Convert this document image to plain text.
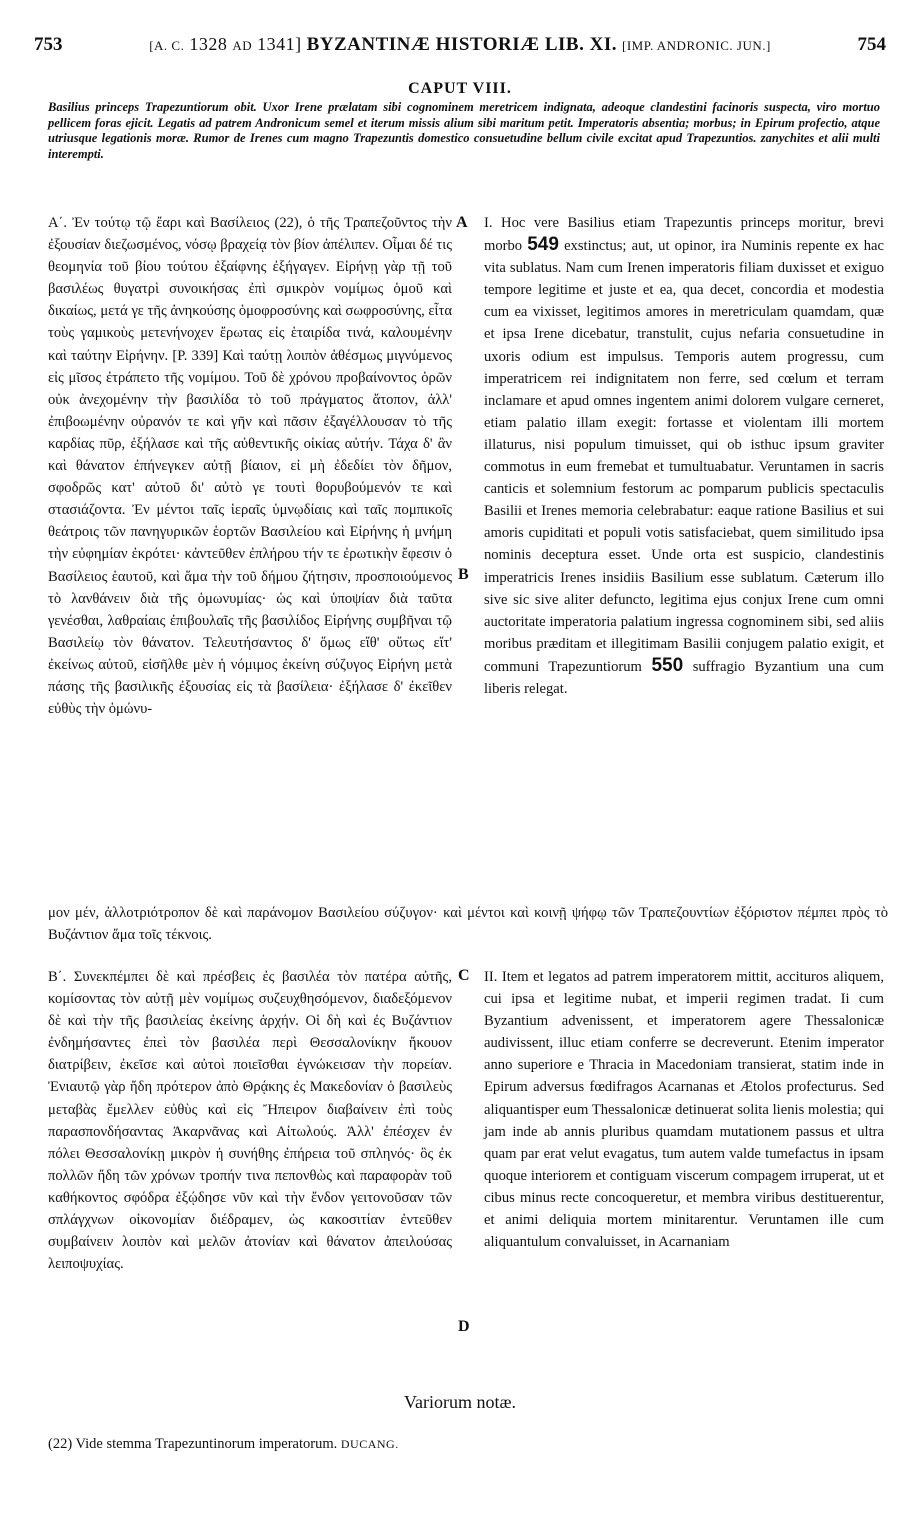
753	[A. C. 1328 AD 1341] BYZANTINÆ HISTORIÆ LIB. XI. [IMP. ANDRONIC. JUN.]	754
CAPUT VIII.
Basilius princeps Trapezuntiorum obit. Uxor Irene prælatam sibi cognominem meretricem indignata, adeoque clandestini facinoris suspecta, viro mortuo pellicem foras ejicit. Legatis ad patrem Andronicum semel et iterum missis alium sibi maritum petit. Imperatoris absentia; morbus; in Epirum profectio, atque utriusque legationis moræ. Rumor de Irenes cum magno Trapezuntis domestico consuetudine bellum civile excitat apud Trapezuntios. zanychites et alii multi interempti.
Α΄. Ἐν τούτῳ τῷ ἔαρι καὶ Βασίλειος (22), ὁ τῆς Τραπεζοῦντος τὴν ἐξουσίαν διεζωσμένος, νόσῳ βραχείᾳ τὸν βίον ἀπέλιπεν. Οἶμαι δέ τις θεομηνία τοῦ βίου τούτου ἐξαίφνης ἐξήγαγεν. Εἰρήνῃ γὰρ τῇ τοῦ βασιλέως θυγατρὶ συνοικήσας ἐπὶ σμικρὸν νομίμως ὁμοῦ καὶ δικαίως, μετά γε τῆς ἀνηκούσης ὁμοφροσύνης καὶ σωφροσύνης, εἶτα τοὺς γαμικοὺς μετενήνοχεν ἔρωτας εἰς ἑταιρίδα τινά, καλουμένην καὶ ταύτην Εἰρήνην. [P. 339] Καὶ ταύτῃ λοιπὸν ἀθέσμως μιγνύμενος εἰς μῖσος ἐτράπετο τῆς νομίμου. Τοῦ δὲ χρόνου προβαίνοντος ὁρῶν οὐκ ἀνεχομένην τὴν βασιλίδα τὸ τοῦ πράγματος ἄτοπον, ἀλλ' ἐπιβοωμένην οὐρανόν τε καὶ γῆν καὶ πᾶσιν ἐξαγέλλουσαν τὸ τῆς καρδίας πῦρ, ἐξήλασε καὶ τῆς αὐθεντικῆς οἰκίας αὐτήν. Τάχα δ' ἂν καὶ θάνατον ἐπήνεγκεν αὐτῇ βίαιον, εἰ μὴ ἐδεδίει τὸν δῆμον, σφοδρῶς κατ' αὐτοῦ δι' αὐτὸ γε τουτὶ θορυβούμενόν τε καὶ στασιάζοντα. Ἐν μέντοι ταῖς ἱεραῖς ὑμνῳδίαις καὶ ταῖς πομπικοῖς θεάτροις τῶν πανηγυρικῶν ἑορτῶν Βασιλείου καὶ Εἰρήνης ἡ μνήμη τὴν εὐφημίαν ἐκρότει· κἀντεῦθεν ἐπλήρου τήν τε ἐρωτικὴν ἔφεσιν ὁ Βασίλειος ἑαυτοῦ, καὶ ἅμα τὴν τοῦ δήμου ζήτησιν, προσποιούμενος τὸ λανθάνειν διὰ τῆς ὁμωνυμίας· ὡς καὶ ὑποψίαν διὰ ταῦτα γενέσθαι, λαθραίαις ἐπιβουλαῖς τῆς βασιλίδος Εἰρήνης συμβῆναι τῷ Βασιλείῳ τὸν θάνατον. Τελευτήσαντος δ' ὅμως εἴθ' οὕτως εἴτ' ἐκείνως αὐτοῦ, εἰσῆλθε μὲν ἡ νόμιμος ἐκείνη σύζυγος Εἰρήνη μετὰ πάσης τῆς βασιλικῆς ἐξουσίας εἰς τὰ βασίλεια· ἐξήλασε δ' ἐκεῖθεν εὐθὺς τὴν ὁμώνυ-
I. Hoc vere Basilius etiam Trapezuntis princeps moritur, brevi morbo 549 exstinctus; aut, ut opinor, ira Numinis repente ex hac vita sublatus. Nam cum Irenen imperatoris filiam duxisset et exiguo tempore legitime et juste et ea, qua decet, concordia et modestia cum ea vixisset, legitimos amores in meretriculam quamdam, quæ et ipsa Irene dicebatur, transtulit, cujus nefaria consuetudine in uxoris odium est impulsus. Temporis autem progressu, cum imperatricem rei indignitatem non ferre, sed cœlum et terram inclamare et apud omnes ingentem animi dolorem vulgare cerneret, etiam palatio illam exegit: fortasse et violentam illi mortem illaturus, nisi populum timuisset, qui ob isthuc ipsum graviter commotus in eum fremebat et tumultuabatur. Veruntamen in sacris canticis et solemnium festorum ac pomparum publicis spectaculis Basilii et Irenes memoria celebrabatur: eaque ratione Basilius et sui amoris cupiditati et populi votis satisfaciebat, quem similitudo ipsa nominis deceptura esset. Unde orta est suspicio, clandestinis imperatricis Irenes insidiis Basilium esse sublatum. Cæterum illo sive sic sive aliter defuncto, legitima ejus conjux Irene cum omni auctoritate imperatoria palatium ingressa cognominem sibi, sed aliis moribus præditam et illegitimam Basilii conjugem palatio exigit, et communi Trapezuntiorum 550 suffragio Byzantium una cum liberis relegat.
μον μέν, ἀλλοτριότροπον δὲ καὶ παράνομον Βασιλείου σύζυγον· καὶ μέντοι καὶ κοινῇ ψήφῳ τῶν Τραπεζουντίων ἐξόριστον πέμπει πρὸς τὸ Βυζάντιον ἅμα τοῖς τέκνοις.
A
B
C
D
Β΄. Συνεκπέμπει δὲ καὶ πρέσβεις ἐς βασιλέα τὸν πατέρα αὐτῆς, κομίσοντας τὸν αὐτῇ μὲν νομίμως συζευχθησόμενον, διαδεξόμενον δὲ καὶ τὴν τῆς βασιλείας ἐκείνης ἀρχήν. Οἱ δὴ καὶ ἐς Βυζάντιον ἐνδημήσαντες ἐπεὶ τὸν βασιλέα περὶ Θεσσαλονίκην ἤκουον διατρίβειν, ἐκεῖσε καὶ αὐτοὶ ποιεῖσθαι ἐγνώκεισαν τὴν πορείαν. Ἐνιαυτῷ γὰρ ἤδη πρότερον ἀπὸ Θρᾴκης ἐς Μακεδονίαν ὁ βασιλεὺς μεταβὰς ἔμελλεν εὐθὺς καὶ εἰς Ἤπειρον διαβαίνειν ἐπὶ τοὺς παρασπονδήσαντας Ἀκαρνᾶνας καὶ Αἰτωλούς. Ἀλλ' ἐπέσχεν ἐν πόλει Θεσσαλονίκῃ μικρὸν ἡ συνήθης ἐπήρεια τοῦ σπληνός· ὃς ἐκ πολλῶν ἤδη τῶν χρόνων τροπήν τινα πεπονθὼς καὶ παραφορὰν τοῦ καθήκοντος σφόδρα ἐξῴδησε νῦν καὶ τὴν ἔνδον γειτονοῦσαν τῶν σπλάγχνων οἰκονομίαν διέδραμεν, ὡς κακοσιτίαν ἐντεῦθεν συμβαίνειν λοιπὸν καὶ μελῶν ἀτονίαν καὶ θάνατον ἀπειλούσας λειποψυχίας.
II. Item et legatos ad patrem imperatorem mittit, accituros aliquem, cui ipsa et legitime nubat, et imperii regimen tradat. Ii cum Byzantium advenissent, et imperatorem agere Thessalonicæ audivissent, illuc etiam conferre se decreverunt. Etenim imperator anno superiore e Thracia in Macedoniam transierat, statim inde in Epirum adversus fœdifragos Acarnanas et Ætolos profecturus. Sed aliquantisper eum Thessalonicæ detinuerat solita lienis molestia; qui jam inde ab annis pluribus quamdam mutationem passus et ultra quam par erat velut evagatus, tum autem valde tumefactus in ipsam quoque interiorem et contiguam viscerum compagem irruperat, ut et cibus minus recte concoqueretur, et membra viribus destituerentur, et animi deliquia mortem minitarentur. Veruntamen ille cum aliquantulum convaluisset, in Acarnaniam
Variorum notæ.
(22) Vide stemma Trapezuntinorum imperatorum. DUCANG.
